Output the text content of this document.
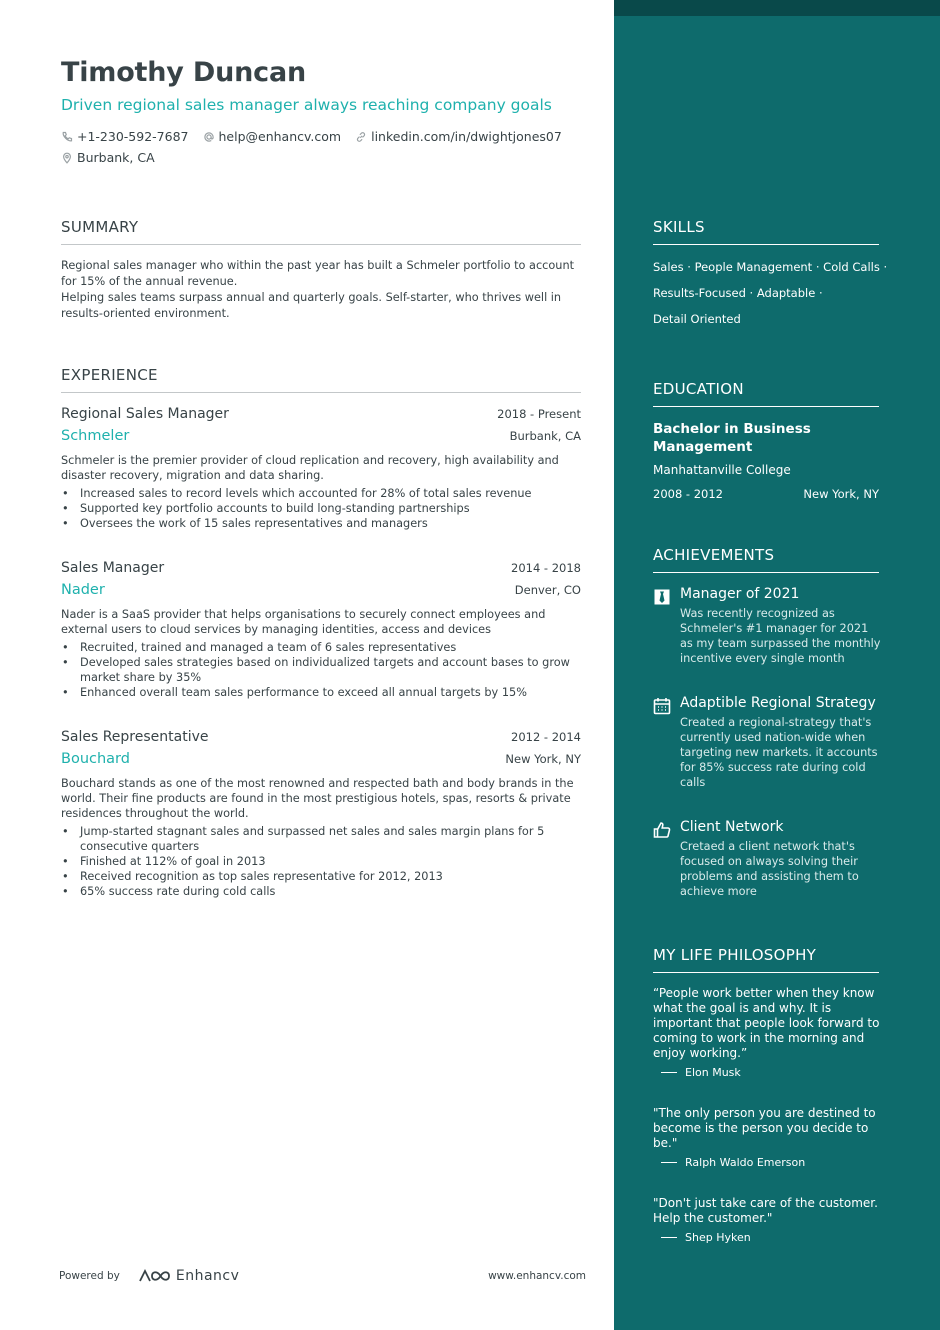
Timothy Duncan
Driven regional sales manager always reaching company goals
+1-230-592-7687 help@enhancv.com linkedin.com/in/dwightjones07
Burbank, CA
SUMMARY
Regional sales manager who within the past year has built a Schmeler portfolio to account for 15% of the annual revenue.
Helping sales teams surpass annual and quarterly goals. Self-starter, who thrives well in results-oriented environment.
EXPERIENCE
Regional Sales Manager	2018 - Present
Schmeler	Burbank, CA
Schmeler is the premier provider of cloud replication and recovery, high availability and disaster recovery, migration and data sharing.
• Increased sales to record levels which accounted for 28% of total sales revenue
• Supported key portfolio accounts to build long-standing partnerships
• Oversees the work of 15 sales representatives and managers
Sales Manager	2014 - 2018
Nader	Denver, CO
Nader is a SaaS provider that helps organisations to securely connect employees and external users to cloud services by managing identities, access and devices
• Recruited, trained and managed a team of 6 sales representatives
• Developed sales strategies based on individualized targets and account bases to grow market share by 35%
• Enhanced overall team sales performance to exceed all annual targets by 15%
Sales Representative	2012 - 2014
Bouchard	New York, NY
Bouchard stands as one of the most renowned and respected bath and body brands in the world. Their fine products are found in the most prestigious hotels, spas, resorts & private residences throughout the world.
• Jump-started stagnant sales and surpassed net sales and sales margin plans for 5 consecutive quarters
• Finished at 112% of goal in 2013
• Received recognition as top sales representative for 2012, 2013
• 65% success rate during cold calls
Powered by	Enhancv	www.enhancv.com
SKILLS
Sales · People Management · Cold Calls ·
Results-Focused · Adaptable ·
Detail Oriented
EDUCATION
Bachelor in Business Management
Manhattanville College
2008 - 2012	New York, NY
ACHIEVEMENTS
Manager of 2021
Was recently recognized as Schmeler's #1 manager for 2021 as my team surpassed the monthly incentive every single month
Adaptible Regional Strategy
Created a regional-strategy that's currently used nation-wide when targeting new markets. it accounts for 85% success rate during cold calls
Client Network
Cretaed a client network that's focused on always solving their problems and assisting them to achieve more
MY LIFE PHILOSOPHY
“People work better when they know what the goal is and why. It is important that people look forward to coming to work in the morning and enjoy working.”
Elon Musk
"The only person you are destined to become is the person you decide to be."
Ralph Waldo Emerson
"Don't just take care of the customer. Help the customer."
Shep Hyken
